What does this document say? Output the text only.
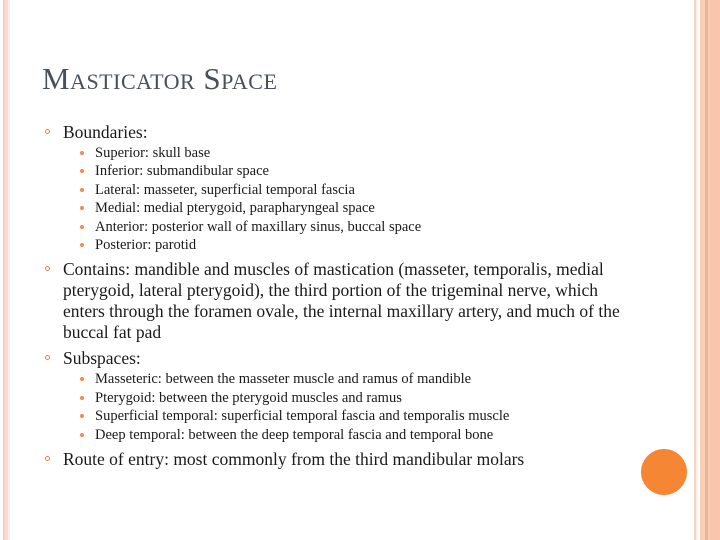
Masticator Space
Boundaries:
Superior: skull base
Inferior: submandibular space
Lateral: masseter, superficial temporal fascia
Medial: medial pterygoid, parapharyngeal space
Anterior: posterior wall of maxillary sinus, buccal space
Posterior: parotid
Contains: mandible and muscles of mastication (masseter, temporalis, medial pterygoid, lateral pterygoid), the third portion of the trigeminal nerve, which enters through the foramen ovale, the internal maxillary artery, and much of the buccal fat pad
Subspaces:
Masseteric: between the masseter muscle and ramus of mandible
Pterygoid: between the pterygoid muscles and ramus
Superficial temporal: superficial temporal fascia and temporalis muscle
Deep temporal: between the deep temporal fascia and temporal bone
Route of entry: most commonly from the third mandibular molars
